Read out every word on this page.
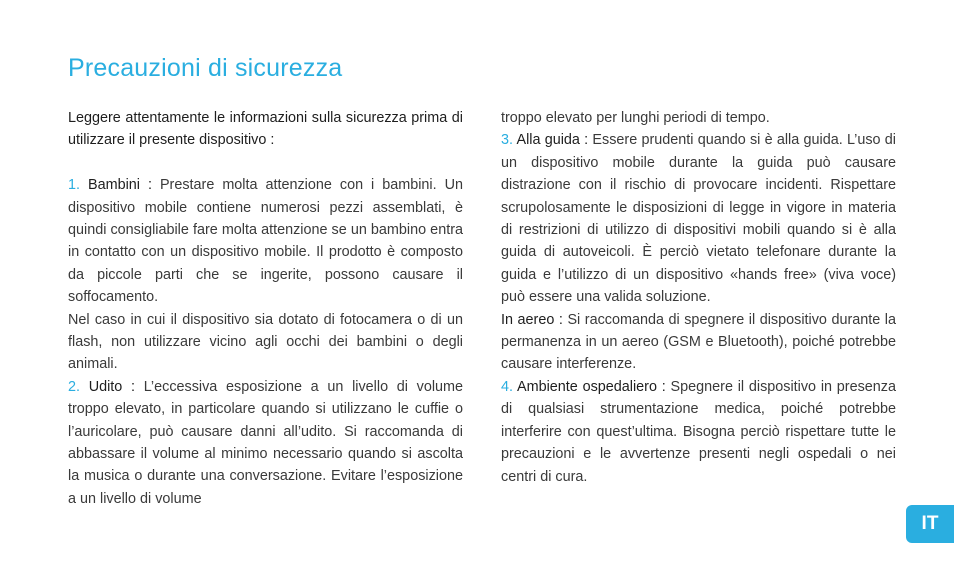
Precauzioni di sicurezza

Leggere attentamente le informazioni sulla sicurezza prima di utilizzare il presente dispositivo :

1. Bambini : Prestare molta attenzione con i bambini. Un dispositivo mobile contiene numerosi pezzi assemblati, è quindi consigliabile fare molta attenzione se un bambino entra in contatto con un dispositivo mobile. Il prodotto è composto da piccole parti che se ingerite, possono causare il soffocamento.

Nel caso in cui il dispositivo sia dotato di fotocamera o di un flash, non utilizzare vicino agli occhi dei bambini o degli animali.

2. Udito : L’eccessiva esposizione a un livello di volume troppo elevato, in particolare quando si utilizzano le cuffie o l’auricolare, può causare danni all’udito. Si raccomanda di abbassare il volume al minimo necessario quando si ascolta la musica o durante una conversazione. Evitare l’esposizione a un livello di volume

troppo elevato per lunghi periodi di tempo.

3. Alla guida : Essere prudenti quando si è alla guida. L’uso di un dispositivo mobile durante la guida può causare distrazione con il rischio di provocare incidenti. Rispettare scrupolosamente le disposizioni di legge in vigore in materia di restrizioni di utilizzo di dispositivi mobili quando si è alla guida di autoveicoli. È perciò vietato telefonare durante la guida e l’utilizzo di un dispositivo «hands free» (viva voce) può essere una valida soluzione.

In aereo : Si raccomanda di spegnere il dispositivo durante la permanenza in un aereo (GSM e Bluetooth), poiché potrebbe causare interferenze.

4. Ambiente ospedaliero : Spegnere il dispositivo in presenza di qualsiasi strumentazione medica, poiché potrebbe interferire con quest’ultima. Bisogna perciò rispettare tutte le precauzioni e le avvertenze presenti negli ospedali o nei centri di cura.

IT
